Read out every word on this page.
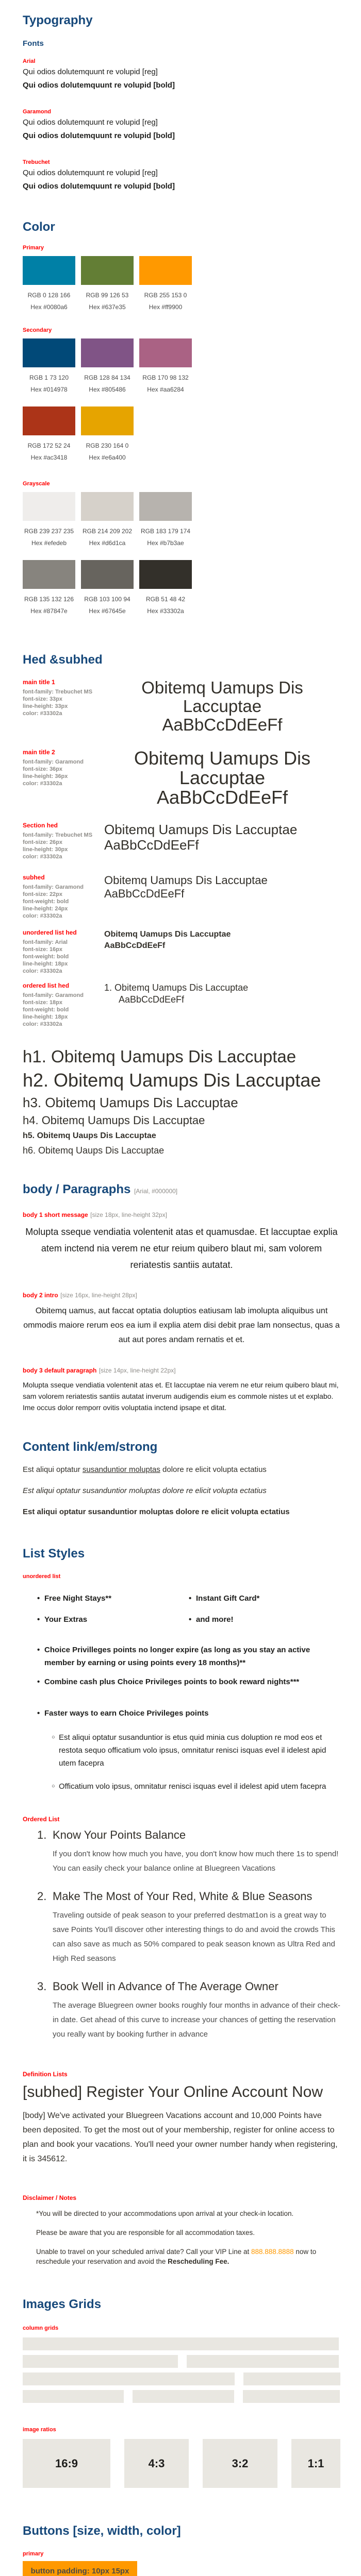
Typography
Fonts
Arial
Qui odios dolutemquunt re volupid [reg]
Qui odios dolutemquunt re volupid [bold]
Garamond
Qui odios dolutemquunt re volupid [reg]
Qui odios dolutemquunt re volupid [bold]
Trebuchet
Qui odios dolutemquunt re volupid [reg]
Qui odios dolutemquunt re volupid [bold]
Color
Primary
RGB 0 128 166
Hex #0080a6
RGB 99 126 53
Hex #637e35
RGB 255 153 0
Hex #ff9900
Secondary
RGB 1 73 120
Hex #014978
RGB 128 84 134
Hex #805486
RGB 170 98 132
Hex #aa6284
RGB 172 52 24
Hex #ac3418
RGB 230 164 0
Hex #e6a400
Grayscale
RGB 239 237 235
Hex #efedeb
RGB 214 209 202
Hex #d6d1ca
RGB 183 179 174
Hex #b7b3ae
RGB 135 132 126
Hex #87847e
RGB 103 100 94
Hex #67645e
RGB 51 48 42
Hex #33302a
Hed &subhed
main title 1
font-family: Trebuchet MS
font-size: 33px
line-height: 33px
color: #33302a
Obitemq Uamups Dis Laccuptae
AaBbCcDdEeFf
main title 2
font-family: Garamond
font-size: 36px
line-height: 36px
color: #33302a
Obitemq Uamups Dis Laccuptae
AaBbCcDdEeFf
Section hed
font-family: Trebuchet MS
font-size: 26px
line-height: 30px
color: #33302a
Obitemq Uamups Dis Laccuptae
AaBbCcDdEeFf
subhed
font-family: Garamond
font-size: 22px
font-weight: bold
line-height: 24px
color: #33302a
Obitemq Uamups Dis Laccuptae
AaBbCcDdEeFf
unordered list hed
font-family: Arial
font-size: 16px
font-weight: bold
line-height: 18px
color: #33302a
Obitemq Uamups Dis Laccuptae
AaBbCcDdEeFf
ordered list hed
font-family: Garamond
font-size: 18px
font-weight: bold
line-height: 18px
color: #33302a
1. Obitemq Uamups Dis Laccuptae
AaBbCcDdEeFf
h1. Obitemq Uamups Dis Laccuptae
h2. Obitemq Uamups Dis Laccuptae
h3. Obitemq Uamups Dis Laccuptae
h4. Obitemq Uamups Dis Laccuptae
h5. Obitemq Uaups Dis Laccuptae
h6. Obitemq Uaups Dis Laccuptae
body / Paragraphs [Arial, #000000]
body 1 short message [size 18px, line-height 32px]

Molupta sseque vendiatia volentenit atas et quamusdae. Et laccuptae explia atem inctend nia verem ne etur reium quibero blaut mi, sam volorem reriatestis santiis autatat.

body 2 intro [size 16px, line-height 28px]

Obitemq uamus, aut faccat optatia doluptios eatiusam lab imolupta aliquibus unt ommodis maiore rerum eos ea ium il explia atem disi debit prae lam nonsectus, quas a aut aut pores andam rernatis et et.

body 3 default paragraph [size 14px, line-height 22px]

Molupta sseque vendiatia volentenit atas et. Et laccuptae nia verem ne etur reium quibero blaut mi, sam volorem reriatestis santiis autatat inverum audigendis eium es commole nistes ut et explabo. Ime occus dolor remporr ovitis voluptatia inctend ipsape et ditat.

Content link/em/strong

Est aliqui optatur susanduntior moluptas dolore re elicit volupta ectatius

Est aliqui optatur susanduntior moluptas dolore re elicit volupta ectatius

Est aliqui optatur susanduntior moluptas dolore re elicit volupta ectatius

List Styles
unordered list
• Free Night Stays**
• Your Extras
• Instant Gift Card*
• and more!
• Choice Privilleges points no longer expire (as long as you stay an active member by earning or using points every 18 months)**
• Combine cash plus Choice Privileges points to book reward nights***
• Faster ways to earn Choice Privileges points
○ Est aliqui optatur susanduntior is etus quid minia cus doluption re mod eos et restota sequo officatium volo ipsus, omnitatur renisci isquas evel il idelest apid utem facepra
○ Officatium volo ipsus, omnitatur renisci isquas evel il idelest apid utem facepra
Ordered List
1. Know Your Points Balance
If you don't know how much you have, you don't know how much there 1s to spend! You can easily check your balance online at Bluegreen Vacations
2. Make The Most of Your Red, White & Blue Seasons
Traveling outside of peak season to your preferred destmat1on is a great way to save Points You'll discover other interesting things to do and avoid the crowds This can also save as much as 50% compared to peak season known as Ultra Red and High Red seasons
3. Book Well in Advance of The Average Owner
The average Bluegreen owner books roughly four months in advance of their check-in date. Get ahead of this curve to increase your chances of getting the reservation you really want by booking further in advance
Definition Lists
[subhed] Register Your Online Account Now
[body] We've activated your Bluegreen Vacations account and 10,000 Points have been deposited. To get the most out of your membership, register for online access to plan and book your vacations. You'll need your owner number handy when registering, it is 345612.
Disclaimer / Notes
*You will be directed to your accommodations upon arrival at your check-in location.
Please be aware that you are responsible for all accommodation taxes.
Unable to travel on your scheduled arrival date? Call your VIP Line at 888.888.8888 now to reschedule your reservation and avoid the Rescheduling Fee.
Images Grids
column grids
image ratios
16:9	4:3	3:2	1:1
Buttons [size, width, color]
primary
button padding: 10px 15px
